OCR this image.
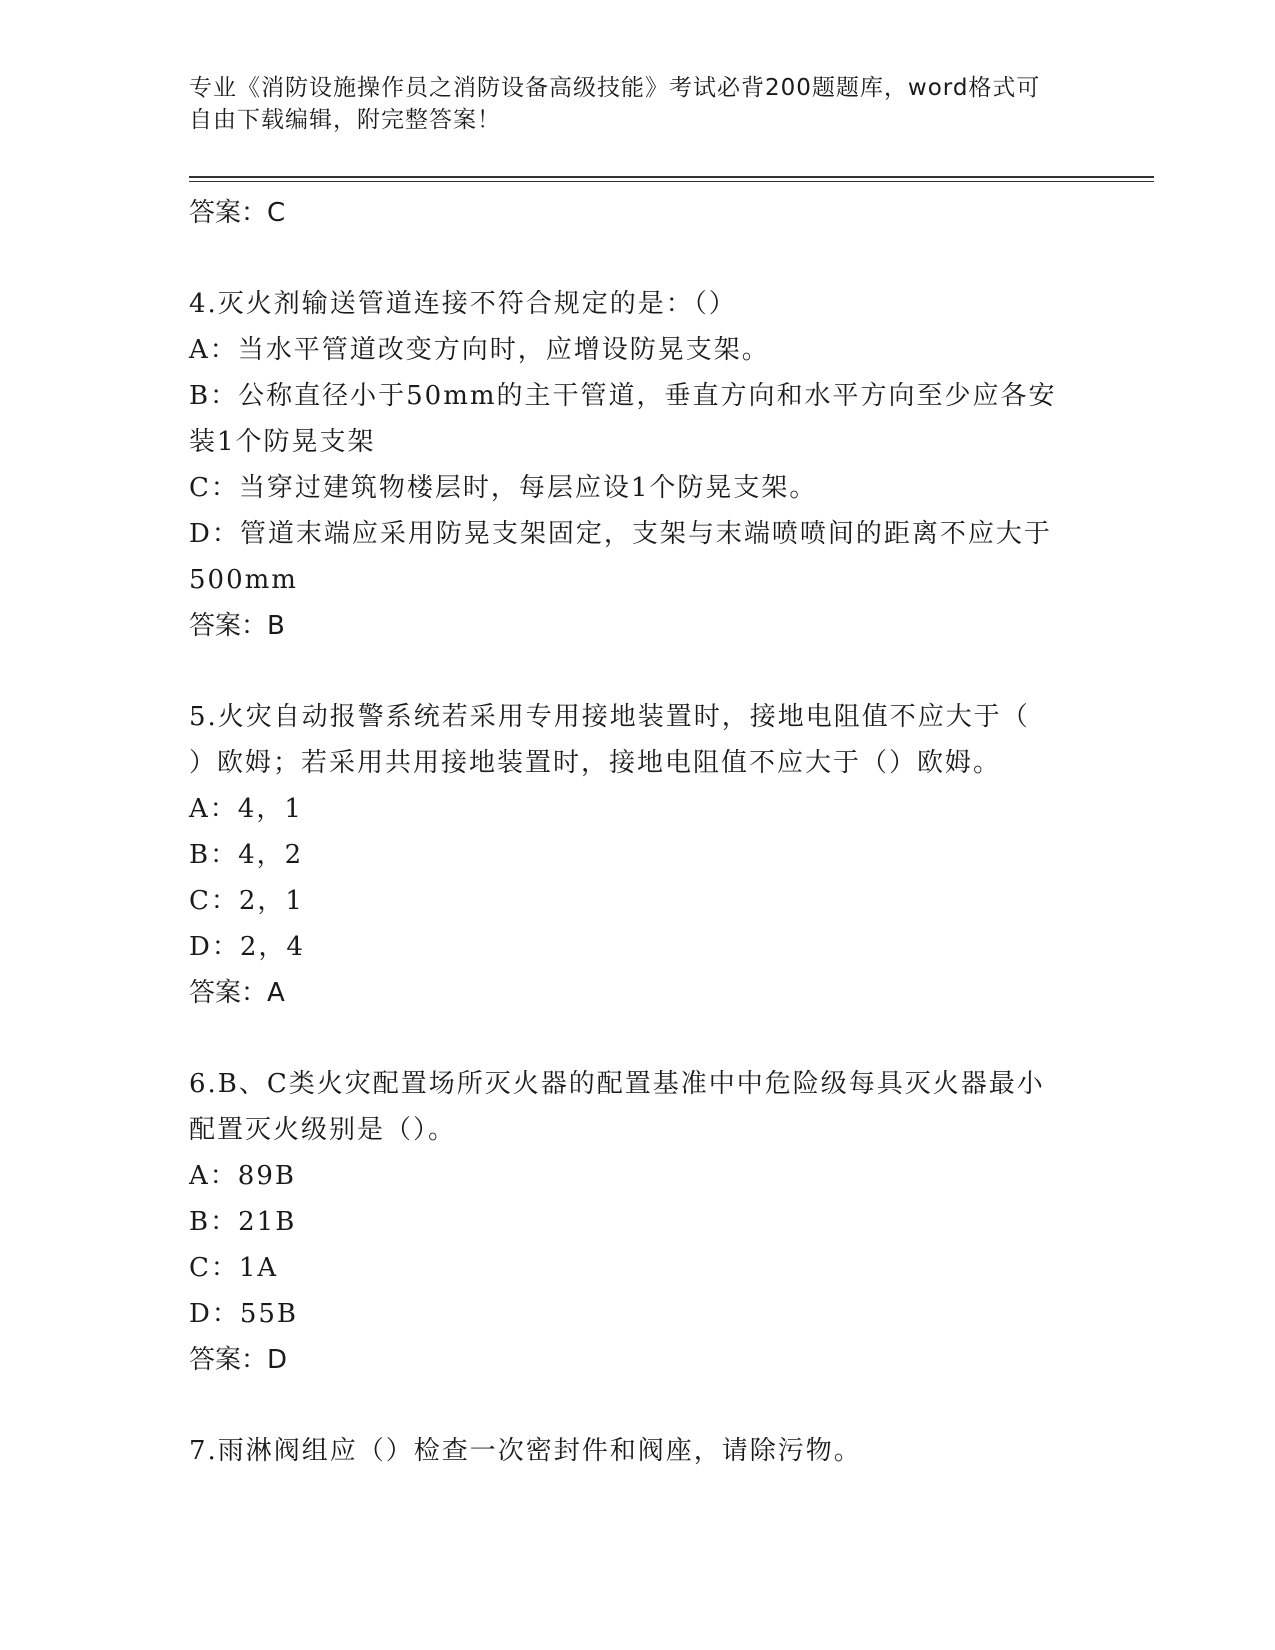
专业《消防设施操作员之消防设备高级技能》考试必背200题题库，word格式可
自由下载编辑，附完整答案！
答案：C
4.灭火剂输送管道连接不符合规定的是：（）
A：当水平管道改变方向时，应增设防晃支架。
B：公称直径小于50mm的主干管道，垂直方向和水平方向至少应各安
装1个防晃支架
C：当穿过建筑物楼层时，每层应设1个防晃支架。
D：管道末端应采用防晃支架固定，支架与末端喷喷间的距离不应大于
500mm
答案：B
5.火灾自动报警系统若采用专用接地装置时，接地电阻值不应大于（
）欧姆；若采用共用接地装置时，接地电阻值不应大于（）欧姆。
A：4，1
B：4，2
C：2，1
D：2，4
答案：A
6.B、C类火灾配置场所灭火器的配置基准中中危险级每具灭火器最小
配置灭火级别是（）。
A：89B
B：21B
C：1A
D：55B
答案：D
7.雨淋阀组应（）检查一次密封件和阀座，请除污物。
